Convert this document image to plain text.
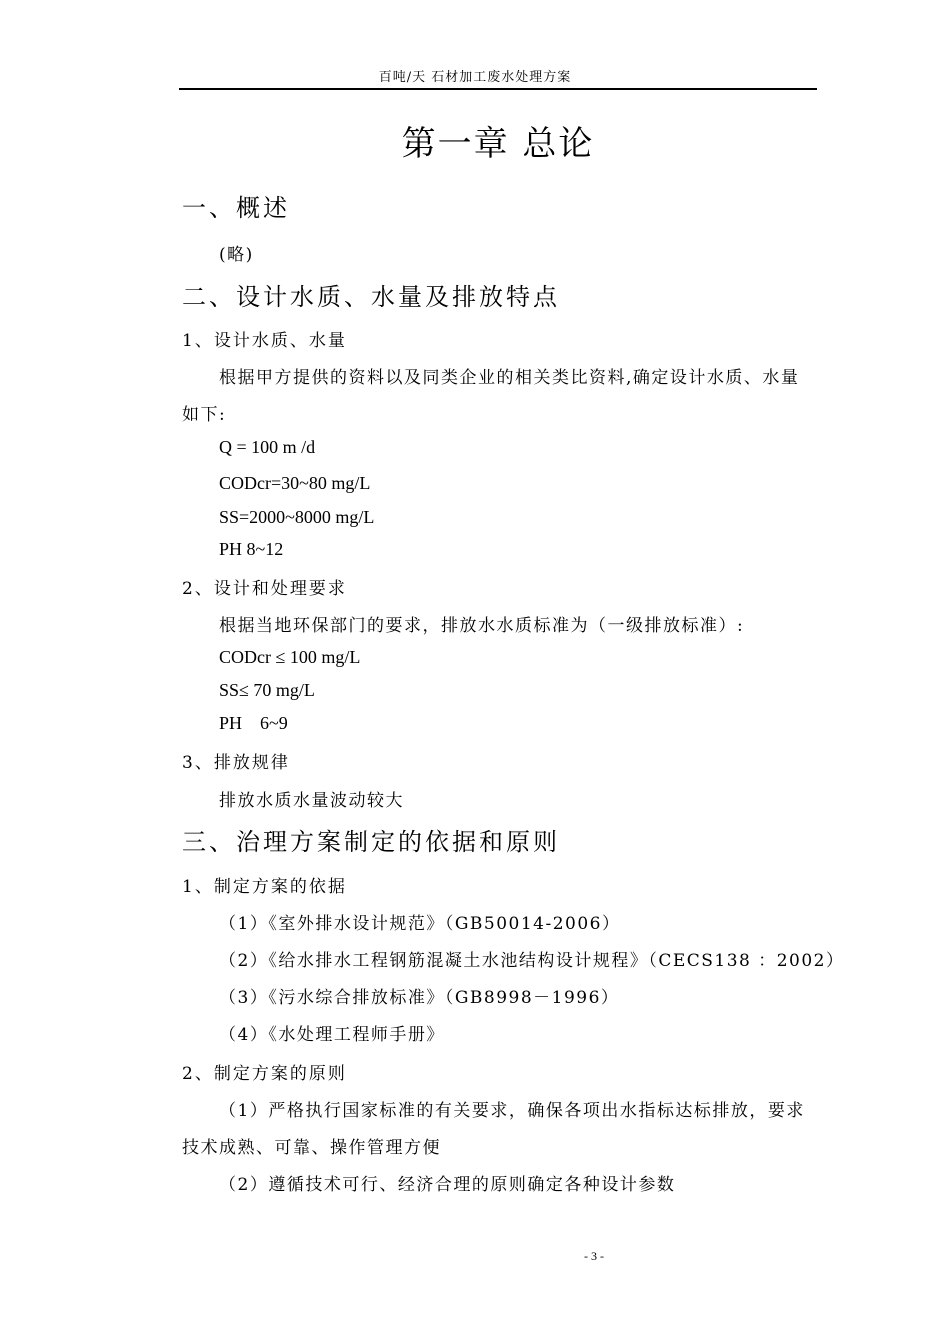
百吨/天 石材加工废水处理方案
第一章 总论
一、概述
(略)
二、设计水质、水量及排放特点
1、设计水质、水量
根据甲方提供的资料以及同类企业的相关类比资料,确定设计水质、水量
如下:
Q = 100 m /d
CODcr=30~80 mg/L
SS=2000~8000 mg/L
PH 8~12
2、设计和处理要求
根据当地环保部门的要求，排放水水质标准为（一级排放标准）:
CODcr ≤ 100 mg/L
SS≤ 70 mg/L
PH    6~9
3、排放规律
排放水质水量波动较大
三、治理方案制定的依据和原则
1、制定方案的依据
（1）《室外排水设计规范》（GB50014-2006）
（2）《给水排水工程钢筋混凝土水池结构设计规程》（CECS138 ：2002）
（3）《污水综合排放标准》（GB8998－1996）
（4）《水处理工程师手册》
2、制定方案的原则
（1）严格执行国家标准的有关要求，确保各项出水指标达标排放，要求
技术成熟、可靠、操作管理方便
（2）遵循技术可行、经济合理的原则确定各种设计参数
- 3 -
